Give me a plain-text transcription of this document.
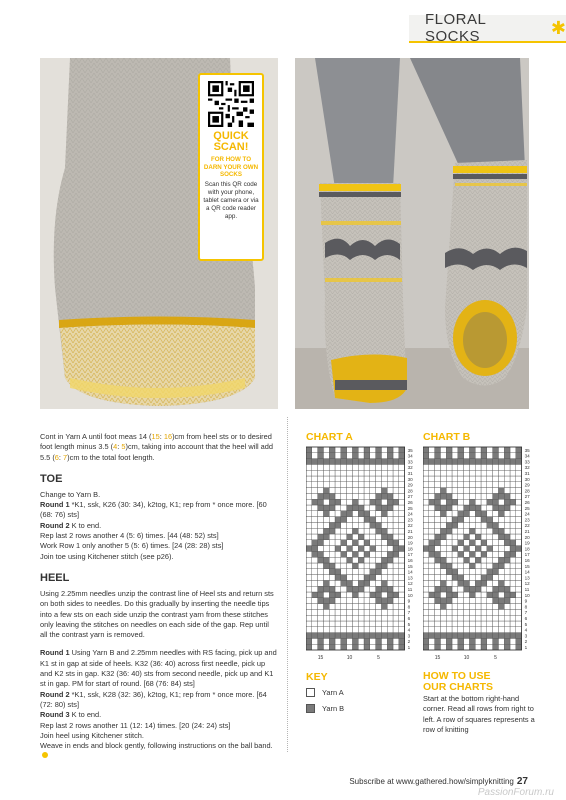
FLORAL SOCKS	✱
QUICK SCAN!
FOR HOW TO DARN YOUR OWN SOCKS
Scan this QR code with your phone, tablet camera or via a QR code reader app.

Cont in Yarn A until foot meas 14 (15: 16)cm from heel sts or to desired foot length minus 3.5 (4: 5)cm, taking into account that the heel will add 5.5 (6: 7)cm to the total foot length.

TOE

Change to Yarn B.

Round 1 *K1, ssk, K26 (30: 34), k2tog, K1; rep from * once more. [60 (68: 76) sts]

Round 2 K to end.

Rep last 2 rows another 4 (5: 6) times. [44 (48: 52) sts]

Work Row 1 only another 5 (5: 6) times. [24 (28: 28) sts]

Join toe using Kitchener stitch (see p26).

HEEL

Using 2.25mm needles unzip the contrast line of Heel sts and return sts on both sides to needles. Do this gradually by inserting the needle tips into a few sts on each side unzip the contrast yarn from these stitches only leaving the stitches on needles on each side of the gap. Rep until all the contrast yarn is removed.

Round 1 Using Yarn B and 2.25mm needles with RS facing, pick up and K1 st in gap at side of heels. K32 (36: 40) across first needle, pick up and K2 sts in gap. K32 (36: 40) sts from second needle, pick up and K1 st in gap. PM for start of round. [68 (76: 84) sts]

Round 2 *K1, ssk, K28 (32: 36), k2tog, K1; rep from * once more. [64 (72: 80) sts]

Round 3 K to end.

Rep last 2 rows another 11 (12: 14) times. [20 (24: 24) sts]

Join heel using Kitchener stitch.

Weave in ends and block gently, following instructions on the ball band.

CHART A	CHART B
35
34
33
32
31
30
29
28
27
26
25
24
23
22
21
20
19
18
17
16
15
14
13
12
11
10
9
8
7
6
5
4
3
2
1
15	10	5
35
34
33
32
31
30
29
28
27
26
25
24
23
22
21
20
19
18
17
16
15
14
13
12
11
10
9
8
7
6
5
4
3
2
1
15	10	5
KEY
Yarn A
Yarn B
HOW TO USE
OUR CHARTS
Start at the bottom right-hand corner. Read all rows from right to left. A row of squares represents a row of knitting
Subscribe at www.gathered.how/simplyknitting 27
PassionForum.ru
